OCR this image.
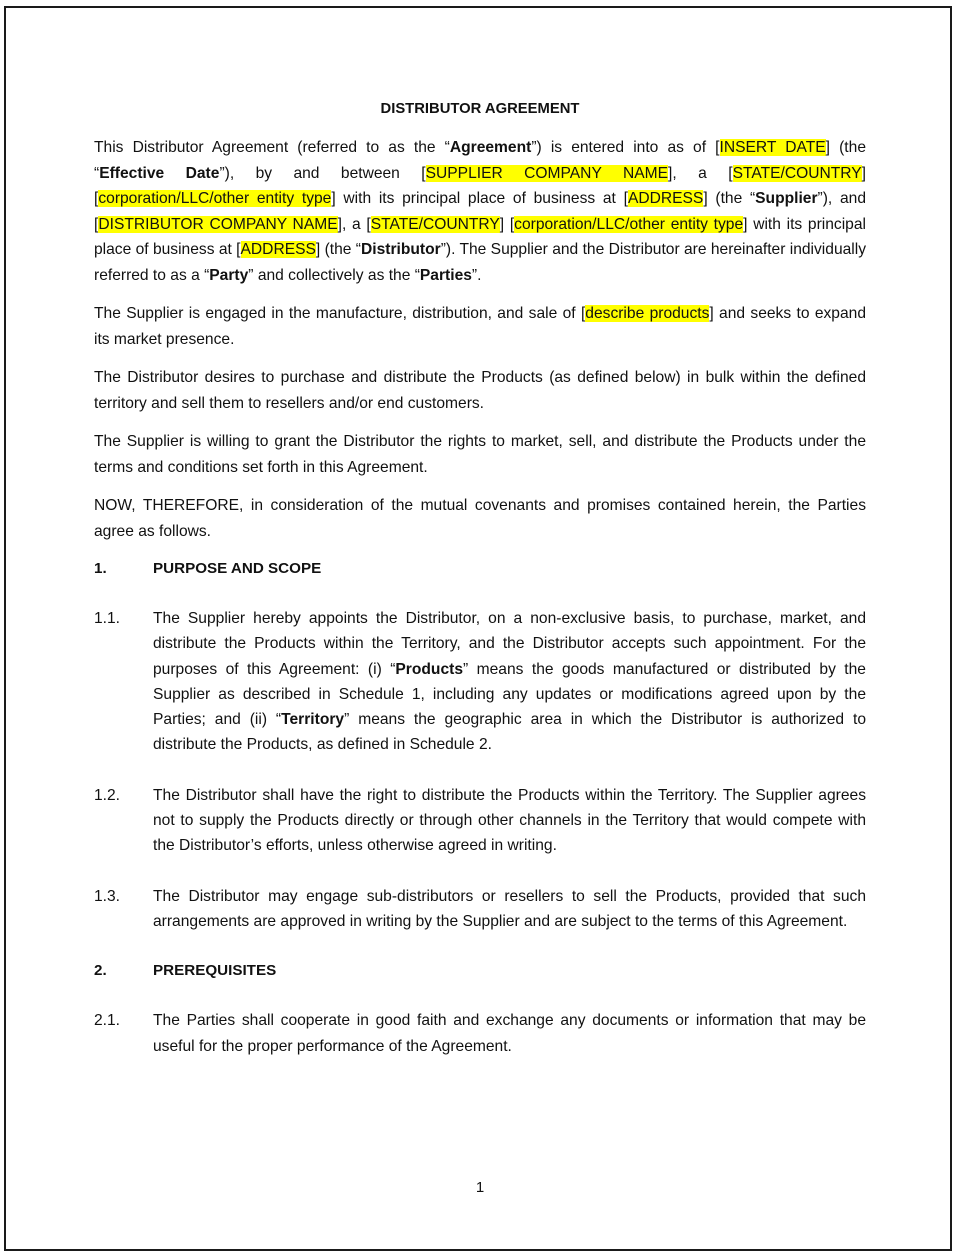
DISTRIBUTOR AGREEMENT

This Distributor Agreement (referred to as the “Agreement”) is entered into as of [INSERT DATE] (the “Effective Date”), by and between [SUPPLIER COMPANY NAME], a [STATE/COUNTRY] [corporation/LLC/other entity type] with its principal place of business at [ADDRESS] (the “Supplier”), and [DISTRIBUTOR COMPANY NAME], a [STATE/COUNTRY] [corporation/LLC/other entity type] with its principal place of business at [ADDRESS] (the “Distributor”). The Supplier and the Distributor are hereinafter individually referred to as a “Party” and collectively as the “Parties”.

The Supplier is engaged in the manufacture, distribution, and sale of [describe products] and seeks to expand its market presence.

The Distributor desires to purchase and distribute the Products (as defined below) in bulk within the defined territory and sell them to resellers and/or end customers.

The Supplier is willing to grant the Distributor the rights to market, sell, and distribute the Products under the terms and conditions set forth in this Agreement.

NOW, THEREFORE, in consideration of the mutual covenants and promises contained herein, the Parties agree as follows.

1.	PURPOSE AND SCOPE
1.1.	The Supplier hereby appoints the Distributor, on a non-exclusive basis, to purchase, market, and distribute the Products within the Territory, and the Distributor accepts such appointment. For the purposes of this Agreement: (i) “Products” means the goods manufactured or distributed by the Supplier as described in Schedule 1, including any updates or modifications agreed upon by the Parties; and (ii) “Territory” means the geographic area in which the Distributor is authorized to distribute the Products, as defined in Schedule 2.
1.2.	The Distributor shall have the right to distribute the Products within the Territory. The Supplier agrees not to supply the Products directly or through other channels in the Territory that would compete with the Distributor’s efforts, unless otherwise agreed in writing.
1.3.	The Distributor may engage sub-distributors or resellers to sell the Products, provided that such arrangements are approved in writing by the Supplier and are subject to the terms of this Agreement.
2.	PREREQUISITES
2.1.	The Parties shall cooperate in good faith and exchange any documents or information that may be useful for the proper performance of the Agreement.
1
